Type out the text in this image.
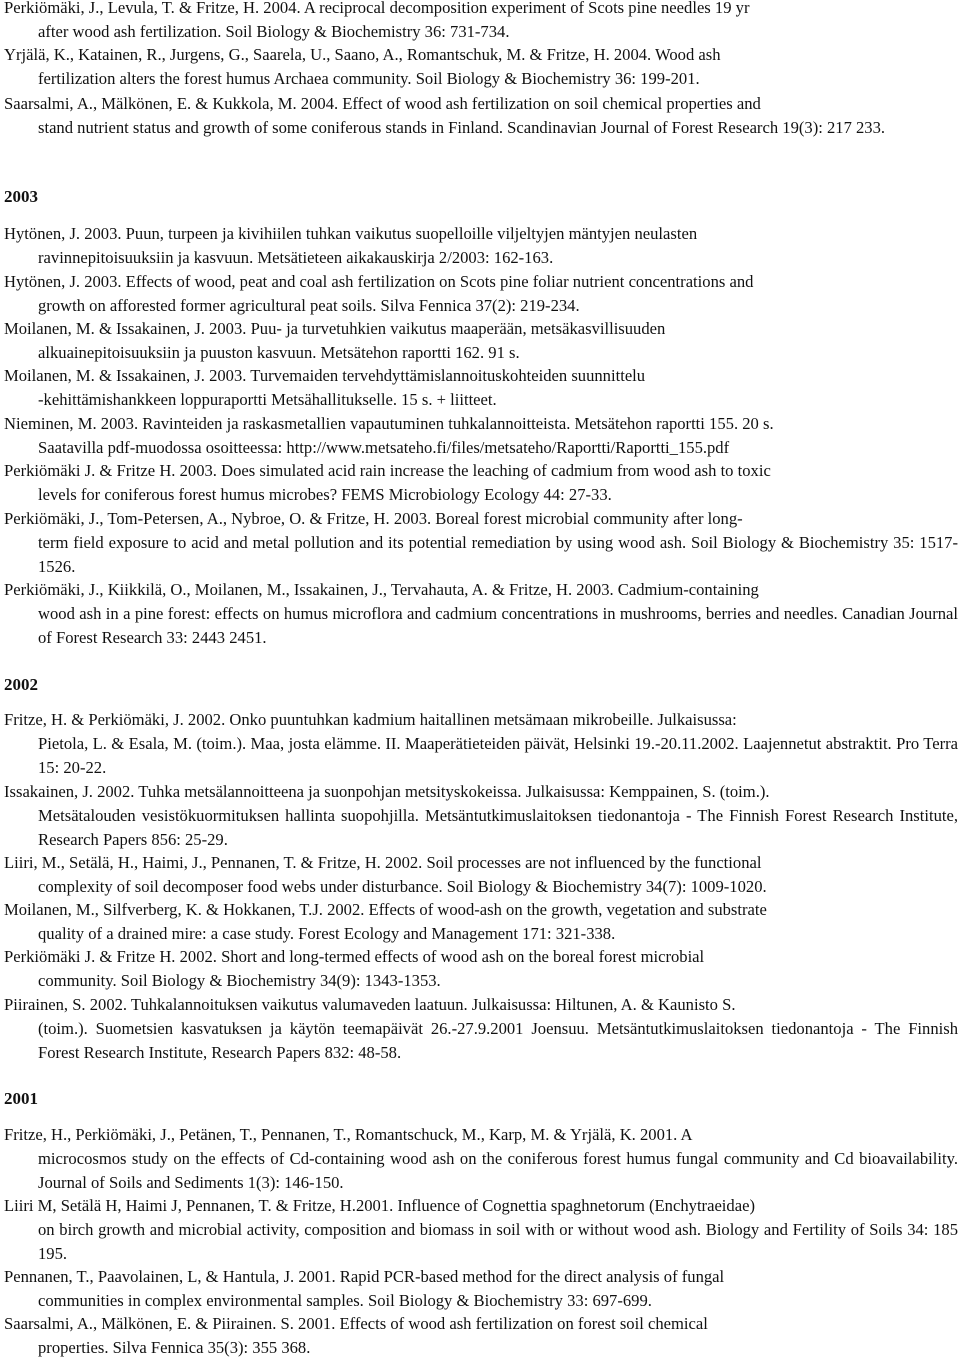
Perkiömäki, J., Levula, T. & Fritze, H. 2004. A reciprocal decomposition experiment of Scots pine needles 19 yr
after wood ash fertilization. Soil Biology & Biochemistry 36: 731-734.
Yrjälä, K., Katainen, R., Jurgens, G., Saarela, U., Saano, A., Romantschuk, M. & Fritze, H. 2004. Wood ash
fertilization alters the forest humus Archaea community. Soil Biology & Biochemistry 36: 199-201.
Saarsalmi, A., Mälkönen, E. & Kukkola, M. 2004. Effect of wood ash fertilization on soil chemical properties and
stand nutrient status and growth of some coniferous stands in Finland. Scandinavian Journal of Forest Research 19(3): 217 233.
2003
Hytönen, J. 2003. Puun, turpeen ja kivihiilen tuhkan vaikutus suopelloille viljeltyjen mäntyjen neulasten
ravinnepitoisuuksiin ja kasvuun. Metsätieteen aikakauskirja 2/2003: 162-163.
Hytönen, J. 2003. Effects of wood, peat and coal ash fertilization on Scots pine foliar nutrient concentrations and
growth on afforested former agricultural peat soils. Silva Fennica 37(2): 219-234.
Moilanen, M. & Issakainen, J. 2003. Puu- ja turvetuhkien vaikutus maaperään, metsäkasvillisuuden
alkuainepitoisuuksiin ja puuston kasvuun. Metsätehon raportti 162. 91 s.
Moilanen, M. & Issakainen, J. 2003. Turvemaiden tervehdyttämislannoituskohteiden suunnittelu
-kehittämishankkeen loppuraportti Metsähallitukselle. 15 s. + liitteet.
Nieminen, M. 2003. Ravinteiden ja raskasmetallien vapautuminen tuhkalannoitteista. Metsätehon raportti 155. 20 s.
Saatavilla pdf-muodossa osoitteessa: http://www.metsateho.fi/files/metsateho/Raportti/Raportti_155.pdf
Perkiömäki J. & Fritze H. 2003. Does simulated acid rain increase the leaching of cadmium from wood ash to toxic
levels for coniferous forest humus microbes? FEMS Microbiology Ecology 44: 27-33.
Perkiömäki, J., Tom-Petersen, A., Nybroe, O. & Fritze, H. 2003. Boreal forest microbial community after long-
term field exposure to acid and metal pollution and its potential remediation by using wood ash. Soil Biology & Biochemistry 35: 1517-1526.
Perkiömäki, J., Kiikkilä, O., Moilanen, M., Issakainen, J., Tervahauta, A. & Fritze, H. 2003. Cadmium-containing
wood ash in a pine forest: effects on humus microflora and cadmium concentrations in mushrooms, berries and needles. Canadian Journal of Forest Research 33: 2443 2451.
2002
Fritze, H. & Perkiömäki, J. 2002. Onko puuntuhkan kadmium haitallinen metsämaan mikrobeille. Julkaisussa:
Pietola, L. & Esala, M. (toim.). Maa, josta elämme. II. Maaperätieteiden päivät, Helsinki 19.-20.11.2002. Laajennetut abstraktit. Pro Terra 15: 20-22.
Issakainen, J. 2002. Tuhka metsälannoitteena ja suonpohjan metsityskokeissa. Julkaisussa: Kemppainen, S. (toim.).
Metsätalouden vesistökuormituksen hallinta suopohjilla. Metsäntutkimuslaitoksen tiedonantoja - The Finnish Forest Research Institute, Research Papers 856: 25-29.
Liiri, M., Setälä, H., Haimi, J., Pennanen, T. & Fritze, H. 2002. Soil processes are not influenced by the functional
complexity of soil decomposer food webs under disturbance. Soil Biology & Biochemistry 34(7): 1009-1020.
Moilanen, M., Silfverberg, K. & Hokkanen, T.J. 2002. Effects of wood-ash on the growth, vegetation and substrate
quality of a drained mire: a case study. Forest Ecology and Management 171: 321-338.
Perkiömäki J. & Fritze H. 2002. Short and long-termed effects of wood ash on the boreal forest microbial
community. Soil Biology & Biochemistry 34(9): 1343-1353.
Piirainen, S. 2002. Tuhkalannoituksen vaikutus valumaveden laatuun. Julkaisussa: Hiltunen, A. & Kaunisto S.
(toim.). Suometsien kasvatuksen ja käytön teemapäivät 26.-27.9.2001 Joensuu. Metsäntutkimuslaitoksen tiedonantoja - The Finnish Forest Research Institute, Research Papers 832: 48-58.
2001
Fritze, H., Perkiömäki, J., Petänen, T., Pennanen, T., Romantschuck, M., Karp, M. & Yrjälä, K. 2001. A
microcosmos study on the effects of Cd-containing wood ash on the coniferous forest humus fungal community and Cd bioavailability. Journal of Soils and Sediments 1(3): 146-150.
Liiri M, Setälä H, Haimi J, Pennanen, T. & Fritze, H.2001. Influence of Cognettia spaghnetorum (Enchytraeidae)
on birch growth and microbial activity, composition and biomass in soil with or without wood ash. Biology and Fertility of Soils 34: 185 195.
Pennanen, T., Paavolainen, L, & Hantula, J. 2001. Rapid PCR-based method for the direct analysis of fungal
communities in complex environmental samples. Soil Biology & Biochemistry 33: 697-699.
Saarsalmi, A., Mälkönen, E. & Piirainen. S. 2001. Effects of wood ash fertilization on forest soil chemical
properties. Silva Fennica 35(3): 355 368.
